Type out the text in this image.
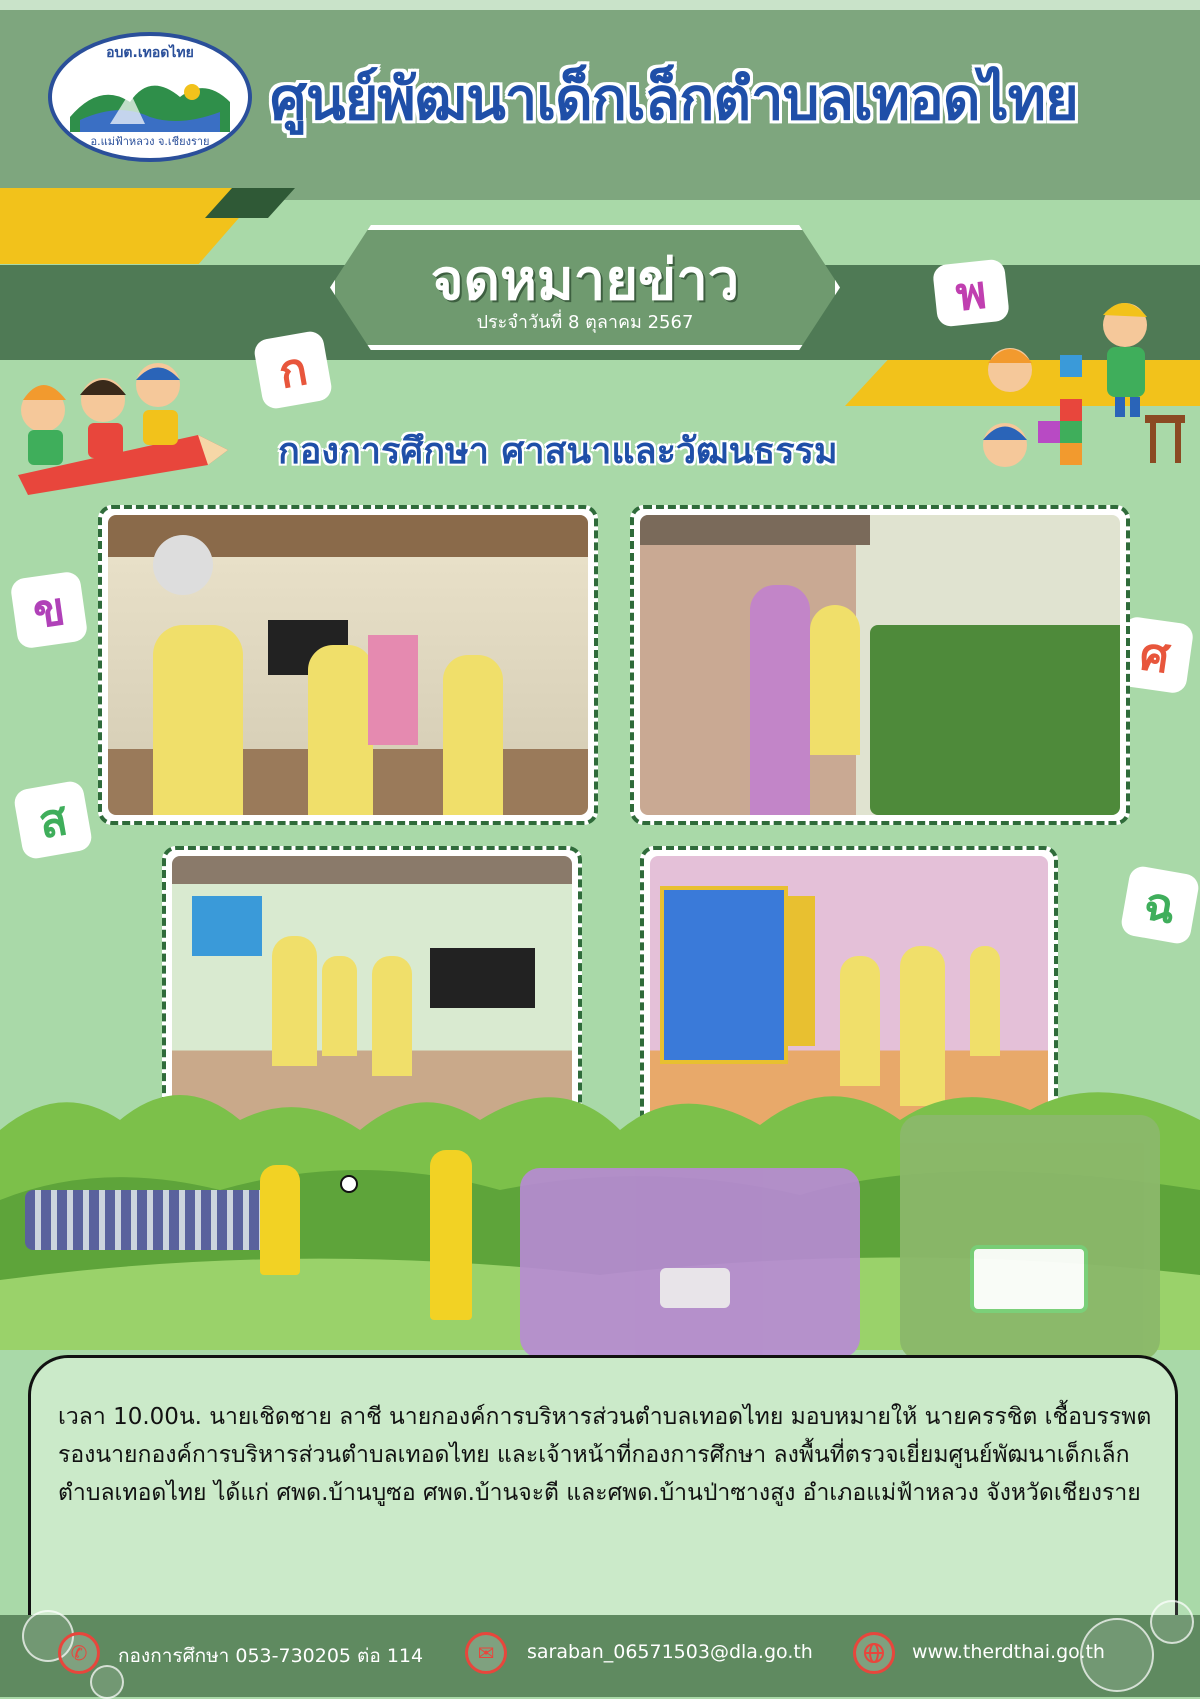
อบต.เทอดไทย
อ.แม่ฟ้าหลวง จ.เชียงราย
ศูนย์พัฒนาเด็กเล็กตำบลเทอดไทย
จดหมายข่าว
ประจำวันที่ 8 ตุลาคม 2567
ก
พ
ข
ศ
ส
ฉ
กองการศึกษา ศาสนาและวัฒนธรรม
เวลา 10.00น. นายเชิดชาย ลาชี นายกองค์การบริหารส่วนตำบลเทอดไทย มอบหมายให้ นายครรชิต เชื้อบรรพต รองนายกองค์การบริหารส่วนตำบลเทอดไทย และเจ้าหน้าที่กองการศึกษา ลงพื้นที่ตรวจเยี่ยมศูนย์พัฒนาเด็กเล็กตำบลเทอดไทย ได้แก่ ศพด.บ้านบูซอ ศพด.บ้านจะตี และศพด.บ้านป่าซางสูง อำเภอแม่ฟ้าหลวง จังหวัดเชียงราย
✆	กองการศึกษา 053-730205 ต่อ 114	✉	saraban_06571503@dla.go.th	www.therdthai.go.th
